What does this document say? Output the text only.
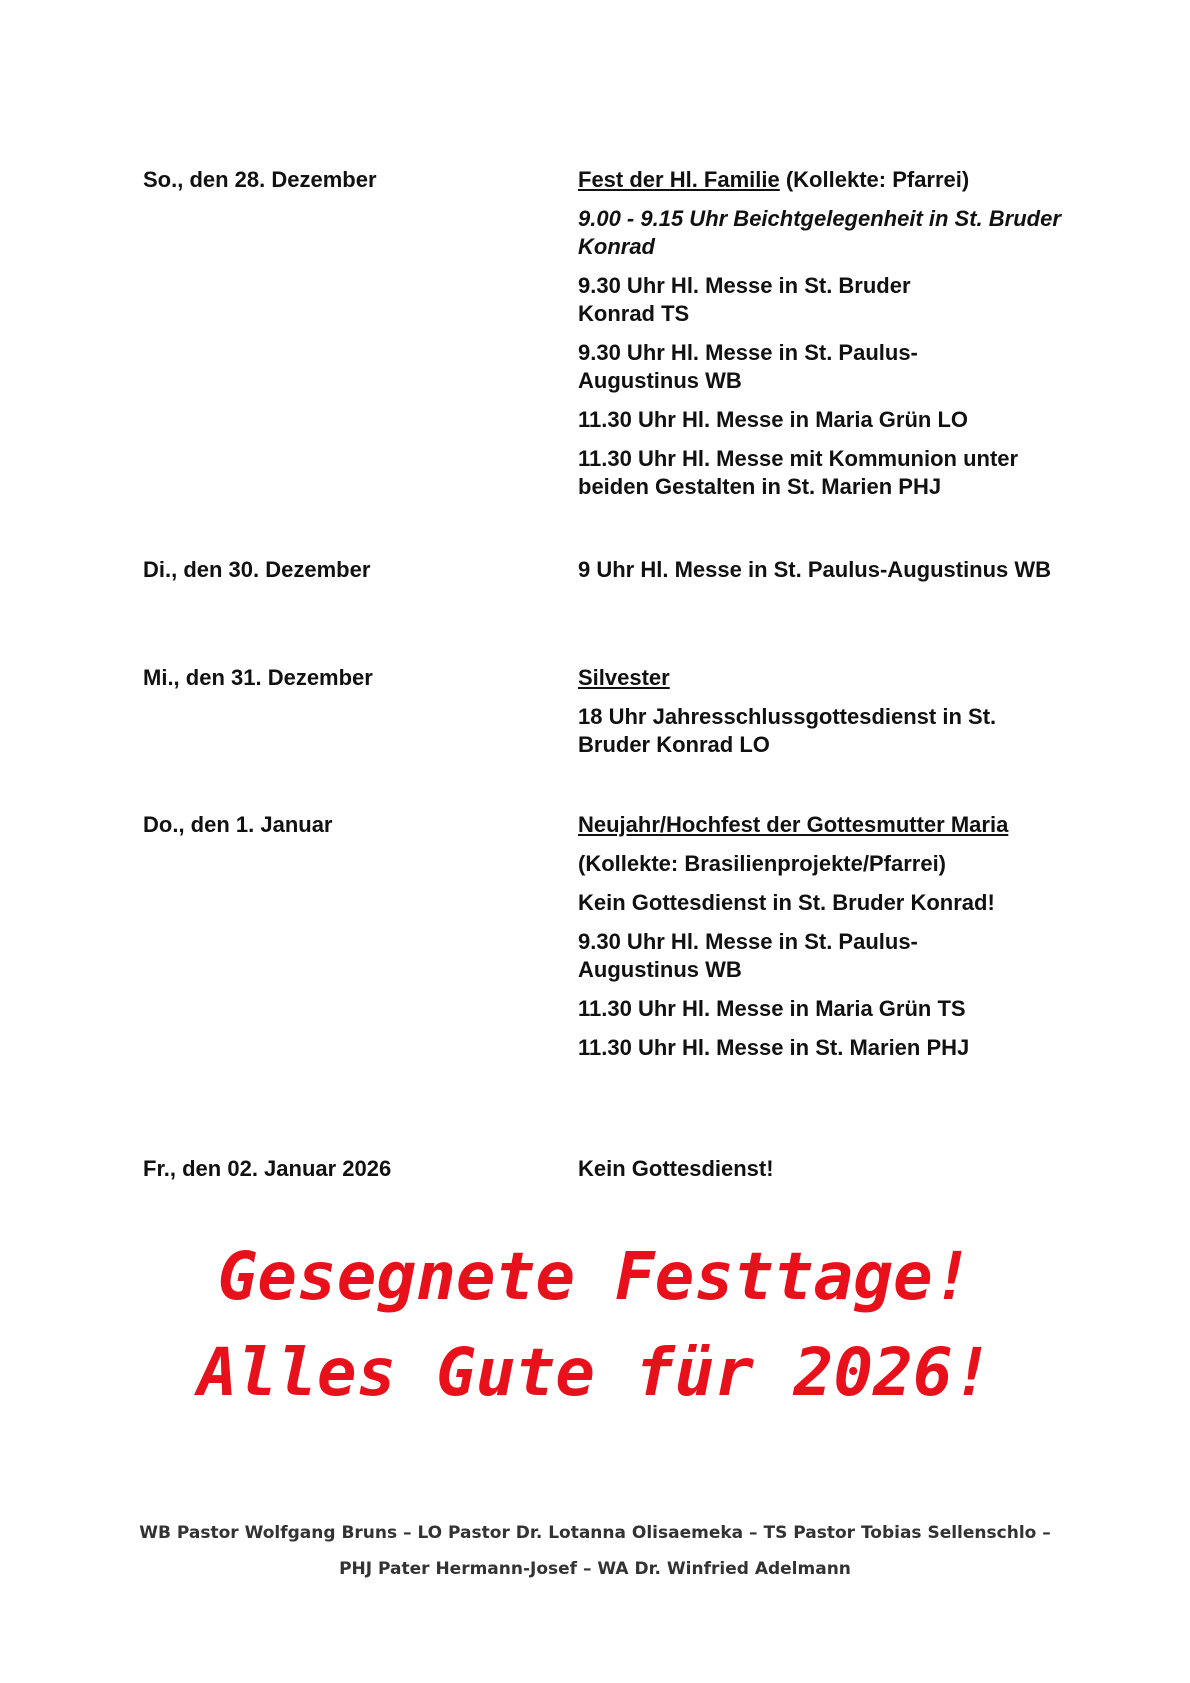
So., den 28. Dezember	Fest der Hl. Familie (Kollekte: Pfarrei)
9.00 - 9.15 Uhr Beichtgelegenheit in St. Bruder Konrad
9.30 Uhr Hl. Messe in St. Bruder Konrad TS
9.30 Uhr Hl. Messe in St. Paulus-Augustinus WB
11.30 Uhr Hl. Messe in Maria Grün LO
11.30 Uhr Hl. Messe mit Kommunion unter beiden Gestalten in St. Marien PHJ
Di., den 30. Dezember	9 Uhr Hl. Messe in St. Paulus-Augustinus WB
Mi., den 31. Dezember	Silvester
18 Uhr Jahresschlussgottesdienst in St. Bruder Konrad LO
Do., den 1. Januar	Neujahr/Hochfest der Gottesmutter Maria
(Kollekte: Brasilienprojekte/Pfarrei)
Kein Gottesdienst in St. Bruder Konrad!
9.30 Uhr Hl. Messe in St. Paulus-Augustinus WB
11.30 Uhr Hl. Messe in Maria Grün TS
11.30 Uhr Hl. Messe in St. Marien PHJ
Fr., den 02. Januar 2026	Kein Gottesdienst!
Gesegnete Festtage!
Alles Gute für 2026!
WB Pastor Wolfgang Bruns – LO Pastor Dr. Lotanna Olisaemeka – TS Pastor Tobias Sellenschlo –
PHJ Pater Hermann-Josef – WA Dr. Winfried Adelmann
